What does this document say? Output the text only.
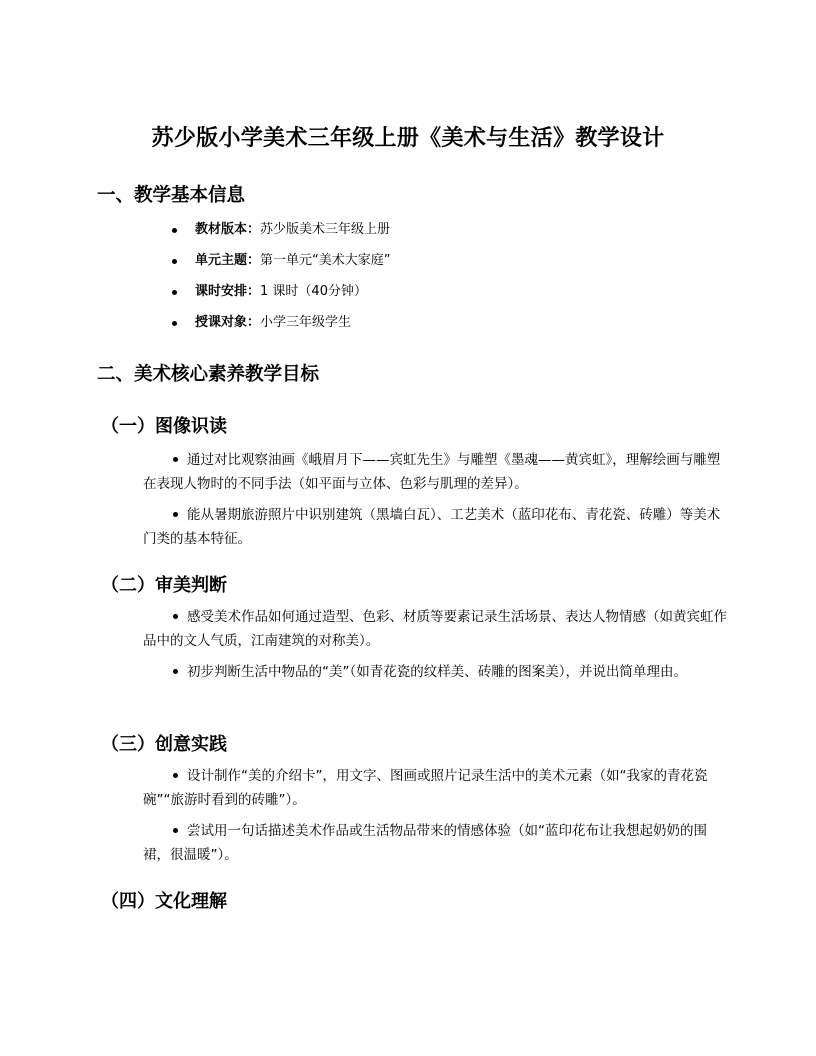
苏少版小学美术三年级上册《美术与生活》教学设计
一、教学基本信息
教材版本：苏少版美术三年级上册
单元主题：第一单元“美术大家庭”
课时安排：1 课时（40分钟）
授课对象：小学三年级学生
二、美术核心素养教学目标
（一）图像识读

通过对比观察油画《峨眉月下——宾虹先生》与雕塑《墨魂——黄宾虹》，理解绘画与雕塑在表现人物时的不同手法（如平面与立体、色彩与肌理的差异）。

能从暑期旅游照片中识别建筑（黑墙白瓦）、工艺美术（蓝印花布、青花瓷、砖雕）等美术门类的基本特征。

（二）审美判断

感受美术作品如何通过造型、色彩、材质等要素记录生活场景、表达人物情感（如黄宾虹作品中的文人气质，江南建筑的对称美）。

初步判断生活中物品的“美”（如青花瓷的纹样美、砖雕的图案美），并说出简单理由。

（三）创意实践

设计制作“美的介绍卡”，用文字、图画或照片记录生活中的美术元素（如“我家的青花瓷碗”“旅游时看到的砖雕”）。

尝试用一句话描述美术作品或生活物品带来的情感体验（如“蓝印花布让我想起奶奶的围裙，很温暖”）。

（四）文化理解
